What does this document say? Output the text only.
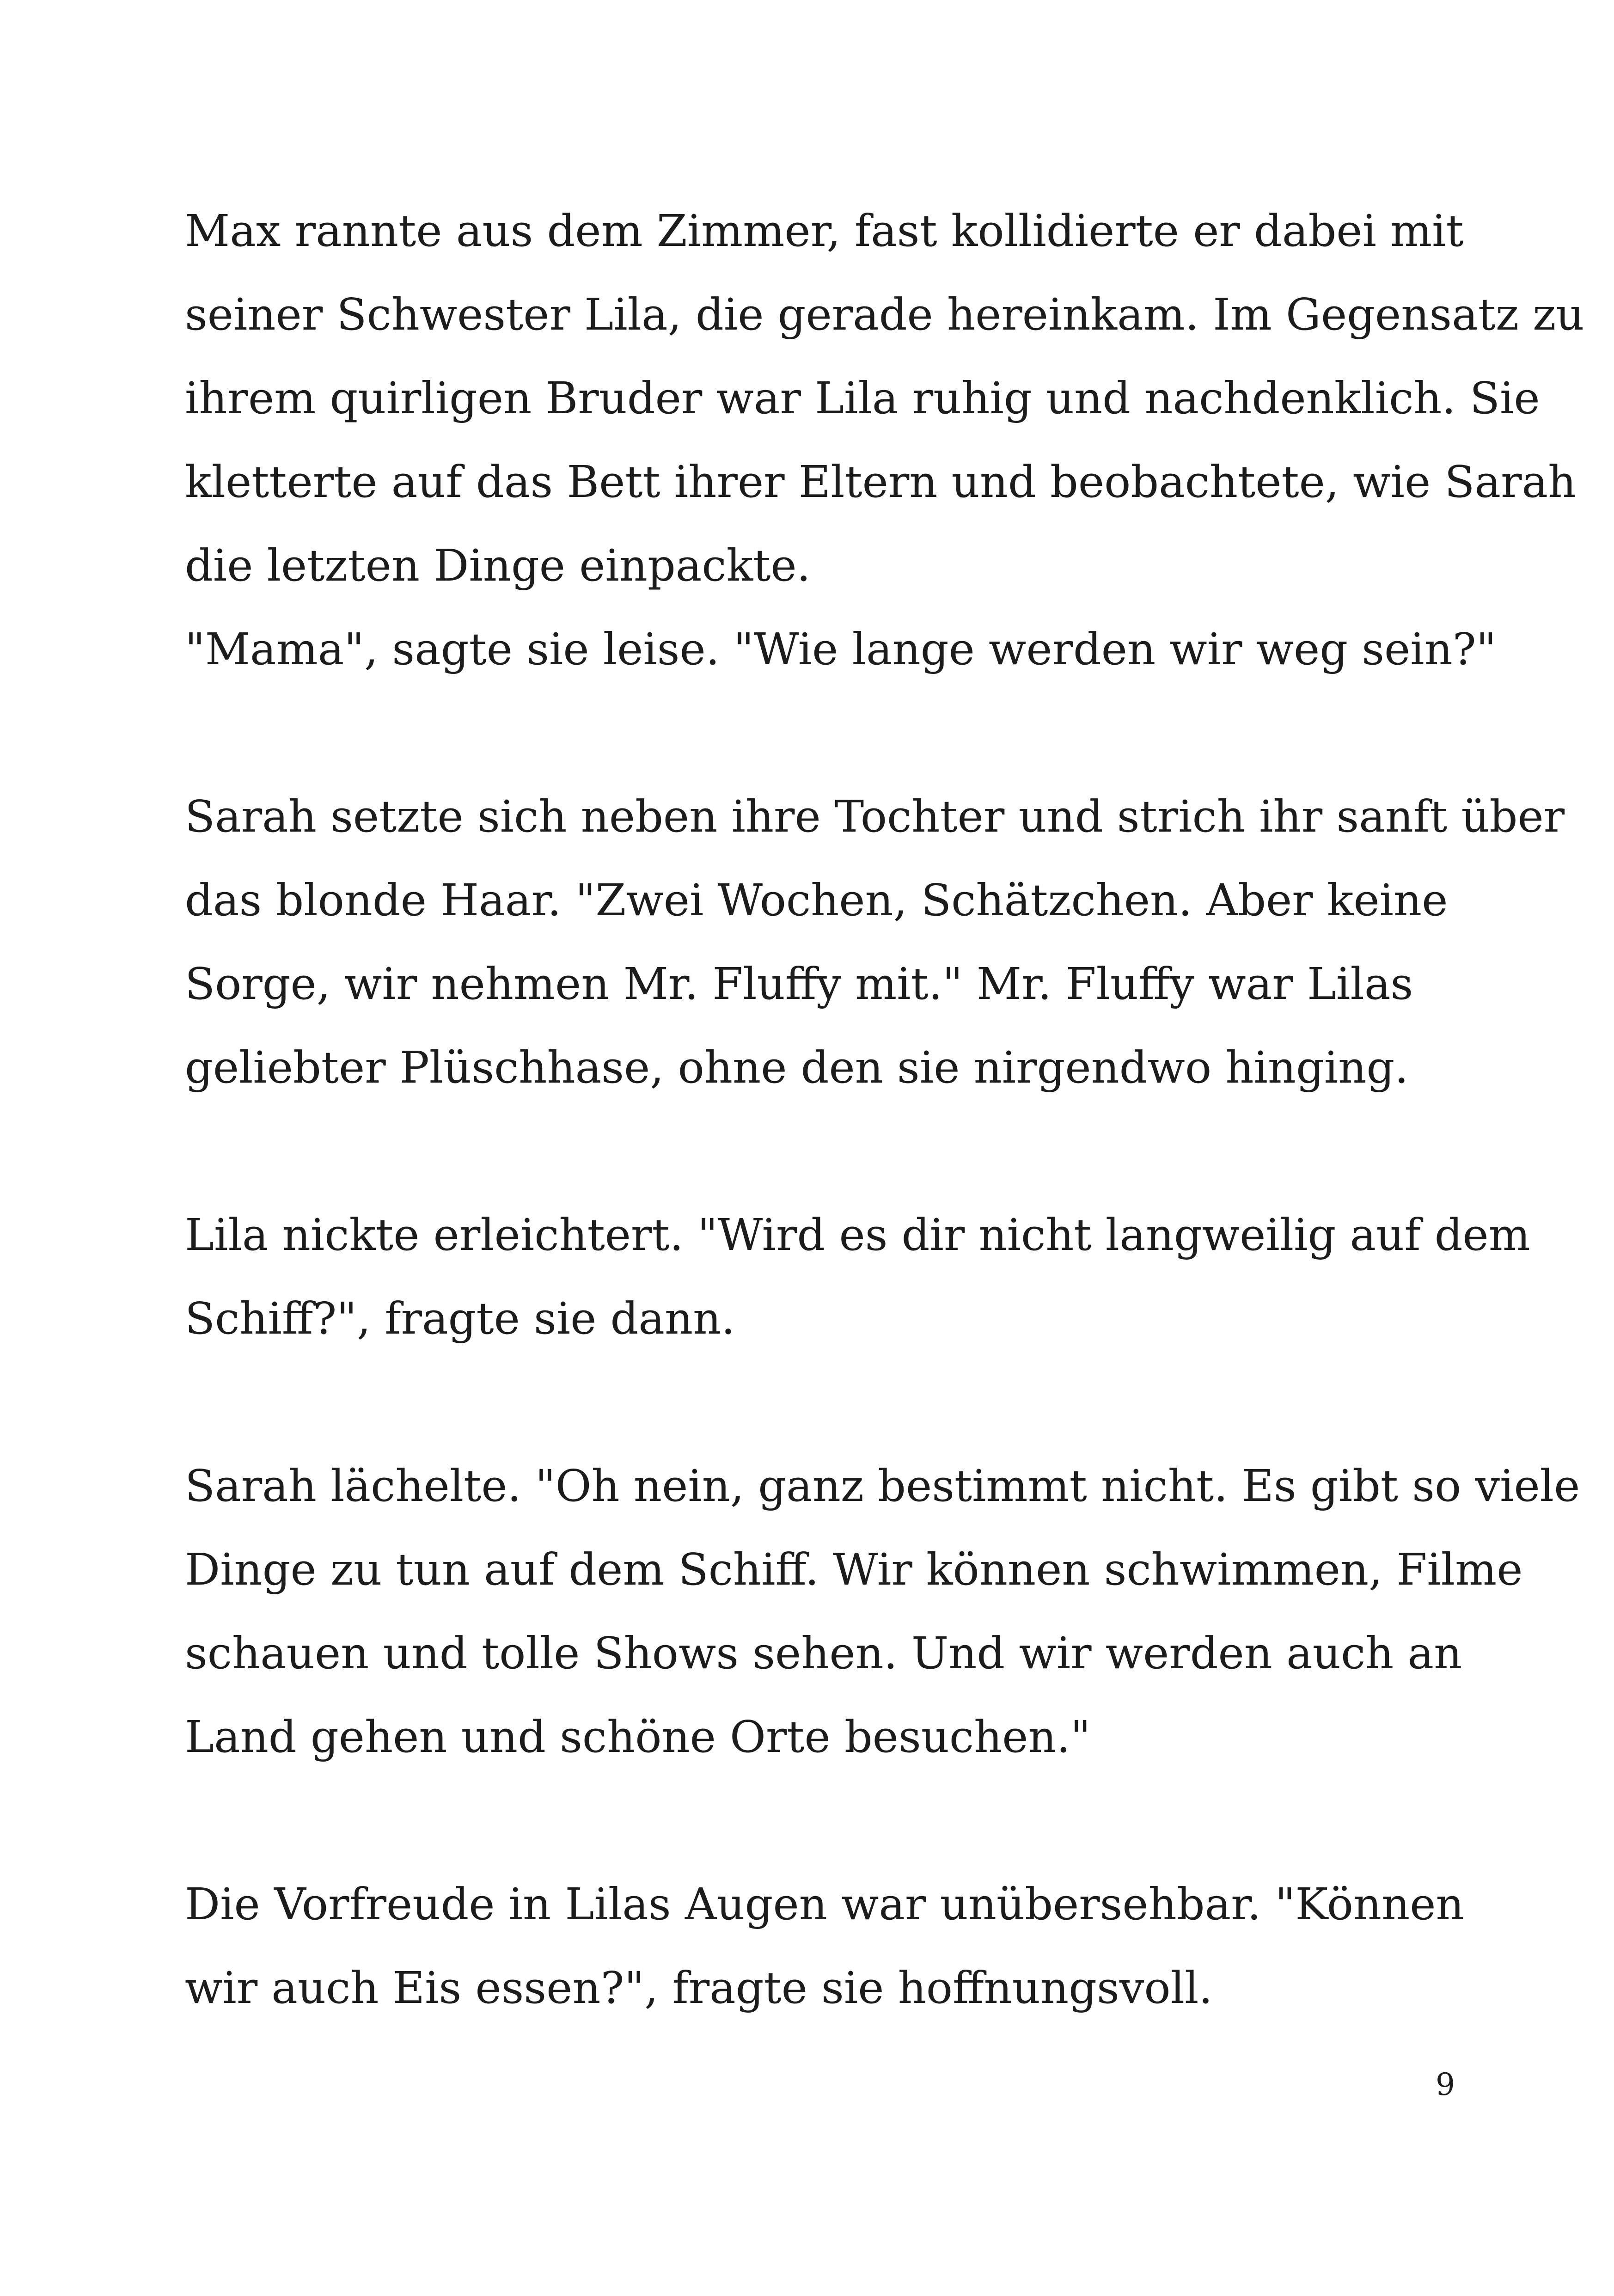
Max rannte aus dem Zimmer, fast kollidierte er dabei mit
seiner Schwester Lila, die gerade hereinkam. Im Gegensatz zu
ihrem quirligen Bruder war Lila ruhig und nachdenklich. Sie
kletterte auf das Bett ihrer Eltern und beobachtete, wie Sarah
die letzten Dinge einpackte.
"Mama", sagte sie leise. "Wie lange werden wir weg sein?"
Sarah setzte sich neben ihre Tochter und strich ihr sanft über
das blonde Haar. "Zwei Wochen, Schätzchen. Aber keine
Sorge, wir nehmen Mr. Fluffy mit." Mr. Fluffy war Lilas
geliebter Plüschhase, ohne den sie nirgendwo hinging.
Lila nickte erleichtert. "Wird es dir nicht langweilig auf dem
Schiff?", fragte sie dann.
Sarah lächelte. "Oh nein, ganz bestimmt nicht. Es gibt so viele
Dinge zu tun auf dem Schiff. Wir können schwimmen, Filme
schauen und tolle Shows sehen. Und wir werden auch an
Land gehen und schöne Orte besuchen."
Die Vorfreude in Lilas Augen war unübersehbar. "Können
wir auch Eis essen?", fragte sie hoffnungsvoll.
9
